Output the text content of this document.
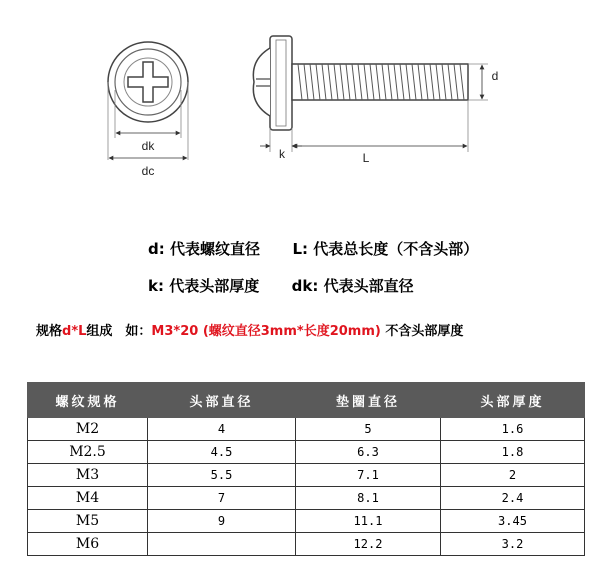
dk
dc
k	L
d
d: 代表螺纹直径 L: 代表总长度（不含头部）
k: 代表头部厚度 dk: 代表头部直径
规格d*L组成　如：M3*20 (螺纹直径3mm*长度20mm) 不含头部厚度
螺纹规格	头部直径	垫圈直径	头部厚度
M2	4	5	1.6
M2.5	4.5	6.3	1.8
M3	5.5	7.1	2
M4	7	8.1	2.4
M5	9	11.1	3.45
M6		12.2	3.2
